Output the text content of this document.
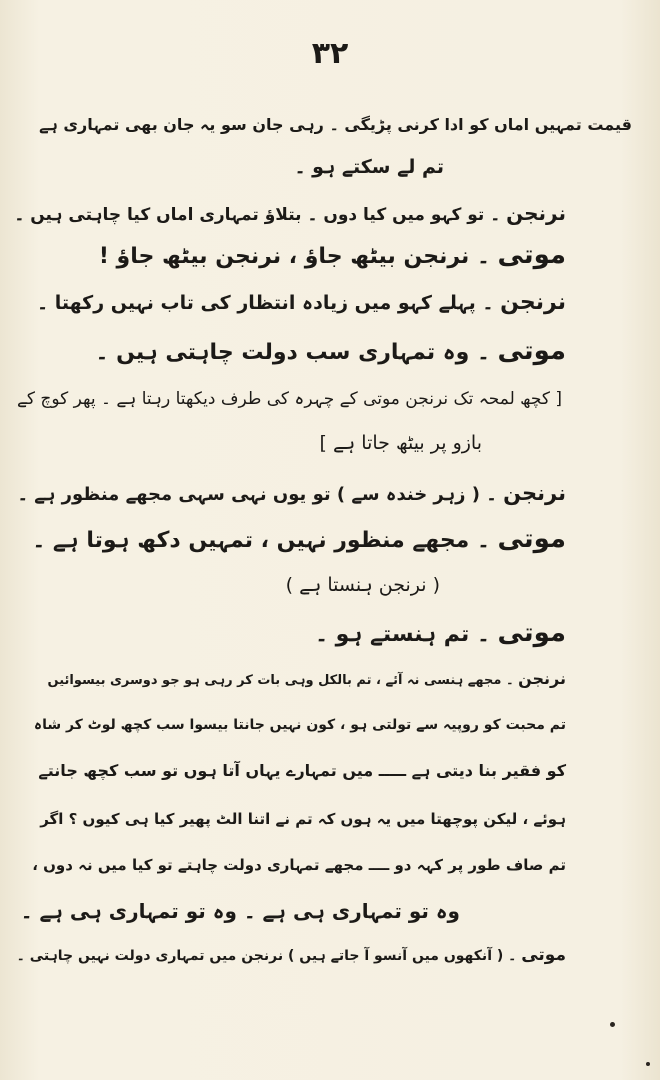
۳۲
قیمت تمہیں اماں کو ادا کرنی پڑیگی ۔ رہی جان سو یہ جان بھی تمہاری ہے
تم لے سکتے ہو ۔
نرنجن ۔ تو کہو میں کیا دوں ۔ بتلاؤ تمہاری اماں کیا چاہتی ہیں ۔
موتی ۔ نرنجن بیٹھ جاؤ ، نرنجن بیٹھ جاؤ !
نرنجن ۔ پہلے کہو میں زیادہ انتظار کی تاب نہیں رکھتا ۔
موتی ۔ وہ تمہاری سب دولت چاہتی ہیں ۔
[ کچھ لمحہ تک نرنجن موتی کے چہرہ کی طرف دیکھتا رہتا ہے ۔ پھر کوچ کے
بازو پر بیٹھ جاتا ہے ]
نرنجن ۔ ( زہر خندہ سے ) تو یوں نہی سہی مجھے منظور ہے ۔
موتی ۔ مجھے منظور نہیں ، تمہیں دکھ ہوتا ہے ۔
( نرنجن ہنستا ہے )
موتی ۔ تم ہنستے ہو ۔
نرنجن ۔ مجھے ہنسی نہ آئے ، تم بالکل وہی بات کر رہی ہو جو دوسری بیسوائیں
تم محبت کو روپیہ سے تولتی ہو ، کون نہیں جانتا بیسوا سب کچھ لوٹ کر شاہ
کو فقیر بنا دیتی ہے ـــــ میں تمہارے یہاں آتا ہوں تو سب کچھ جانتے
ہوئے ، لیکن پوچھتا میں یہ ہوں کہ تم نے اتنا الٹ پھیر کیا ہی کیوں ؟ اگر
تم صاف طور پر کہہ دو ــــ مجھے تمہاری دولت چاہتے تو کیا میں نہ دوں ،
وہ تو تمہاری ہی ہے ۔ وہ تو تمہاری ہی ہے ۔
موتی ۔ ( آنکھوں میں آنسو آ جاتے ہیں ) نرنجن میں تمہاری دولت نہیں چاہتی ۔
